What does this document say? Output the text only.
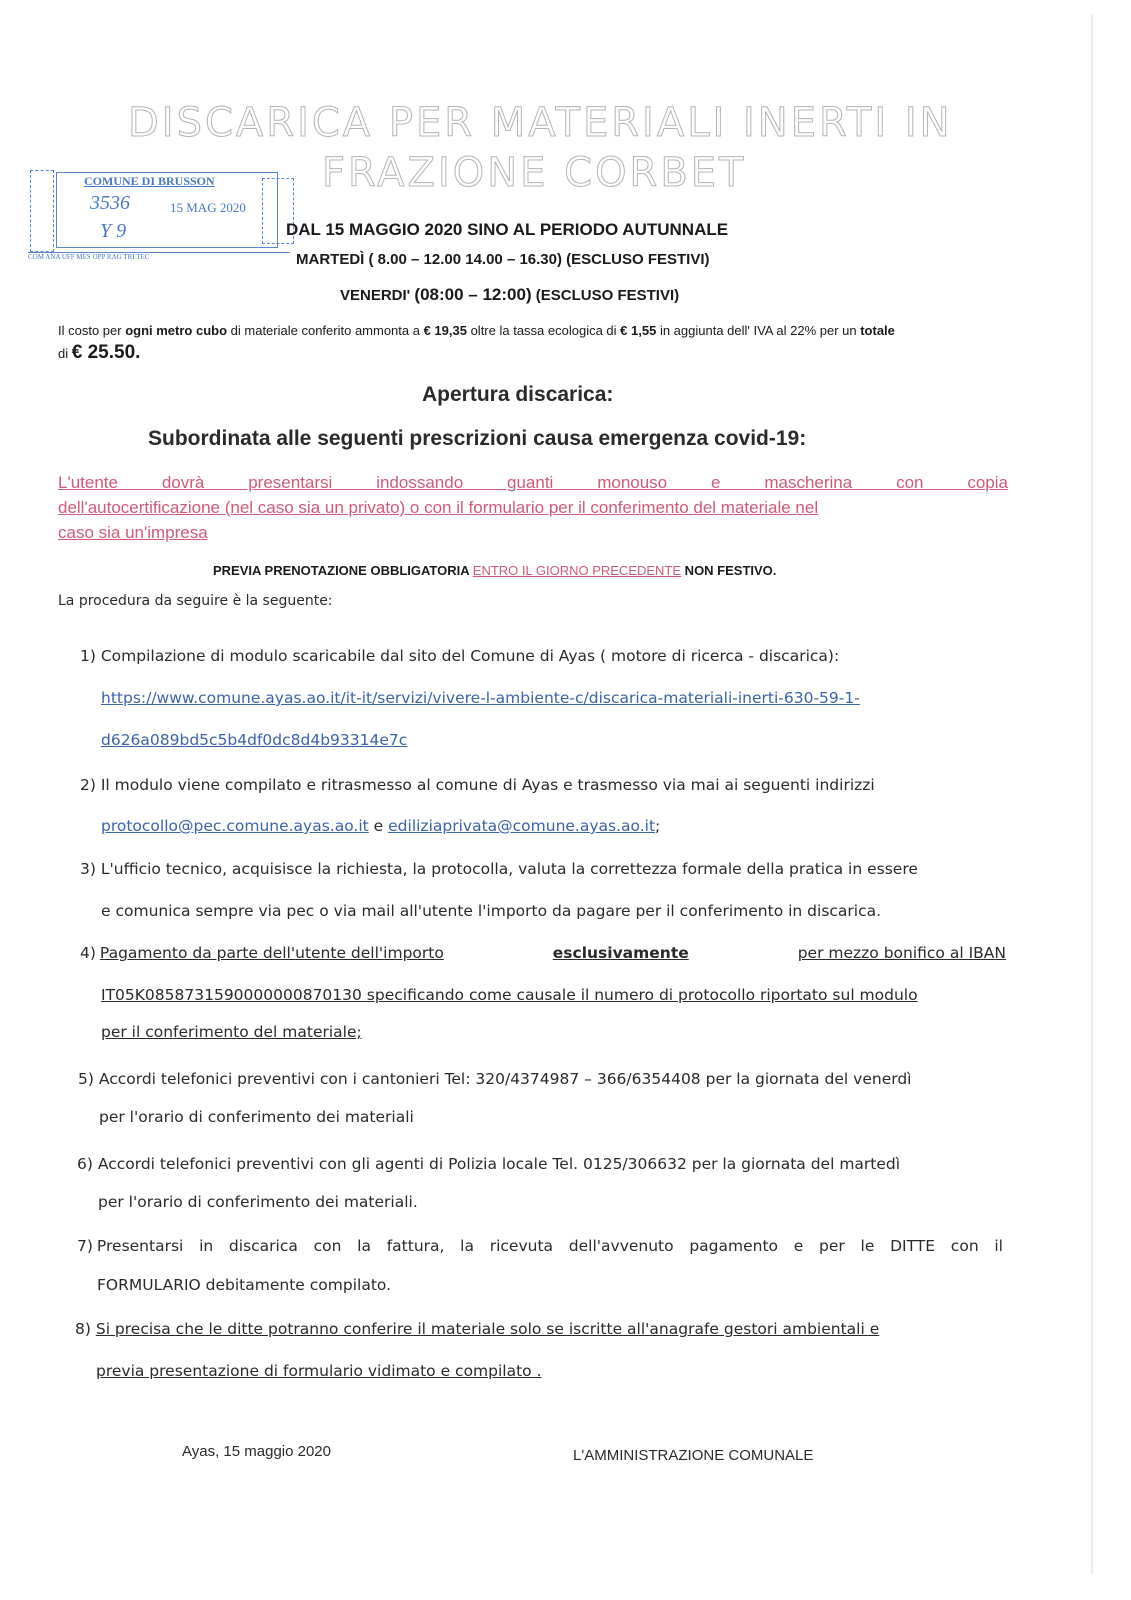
DISCARICA PER MATERIALI INERTI IN
FRAZIONE CORBET
COMUNE DI BRUSSON
3536	15 MAG 2020
Y 9
COM ANA UFF MES OPP RAG TRI TEC
DAL 15 MAGGIO 2020 SINO AL PERIODO AUTUNNALE
MARTEDÌ ( 8.00 – 12.00 14.00 – 16.30) (ESCLUSO FESTIVI)
VENERDI' (08:00 – 12:00) (ESCLUSO FESTIVI)
Il costo per ogni metro cubo di materiale conferito ammonta a € 19,35 oltre la tassa ecologica di € 1,55 in aggiunta dell' IVA al 22% per un totale
di € 25.50.
Apertura discarica:
Subordinata alle seguenti prescrizioni causa emergenza covid-19:
L'utente dovrà presentarsi indossando guanti monouso e mascherina con copia
dell'autocertificazione (nel caso sia un privato) o con il formulario per il conferimento del materiale nel
caso sia un'impresa
PREVIA PRENOTAZIONE OBBLIGATORIA ENTRO IL GIORNO PRECEDENTE NON FESTIVO.
La procedura da seguire è la seguente:
1) Compilazione di modulo scaricabile dal sito del Comune di Ayas ( motore di ricerca - discarica):
https://www.comune.ayas.ao.it/it-it/servizi/vivere-l-ambiente-c/discarica-materiali-inerti-630-59-1-
d626a089bd5c5b4df0dc8d4b93314e7c
2) Il modulo viene compilato e ritrasmesso al comune di Ayas e trasmesso via mai ai seguenti indirizzi
protocollo@pec.comune.ayas.ao.it e ediliziaprivata@comune.ayas.ao.it;
3) L'ufficio tecnico, acquisisce la richiesta, la protocolla, valuta la correttezza formale della pratica in essere
e comunica sempre via pec o via mail all'utente l'importo da pagare per il conferimento in discarica.
4) Pagamento da parte dell'utente dell'importo	esclusivamente	per mezzo bonifico al IBAN
IT05K0858731590000000870130 specificando come causale il numero di protocollo riportato sul modulo
per il conferimento del materiale;
5) Accordi telefonici preventivi con i cantonieri Tel: 320/4374987 – 366/6354408 per la giornata del venerdì
per l'orario di conferimento dei materiali
6) Accordi telefonici preventivi con gli agenti di Polizia locale Tel. 0125/306632 per la giornata del martedì
per l'orario di conferimento dei materiali.
7) Presentarsi in discarica con la fattura, la ricevuta dell'avvenuto pagamento e per le DITTE con il
FORMULARIO debitamente compilato.
8) Si precisa che le ditte potranno conferire il materiale solo se iscritte all'anagrafe gestori ambientali e
previa presentazione di formulario vidimato e compilato .
Ayas, 15 maggio 2020	L'AMMINISTRAZIONE COMUNALE
